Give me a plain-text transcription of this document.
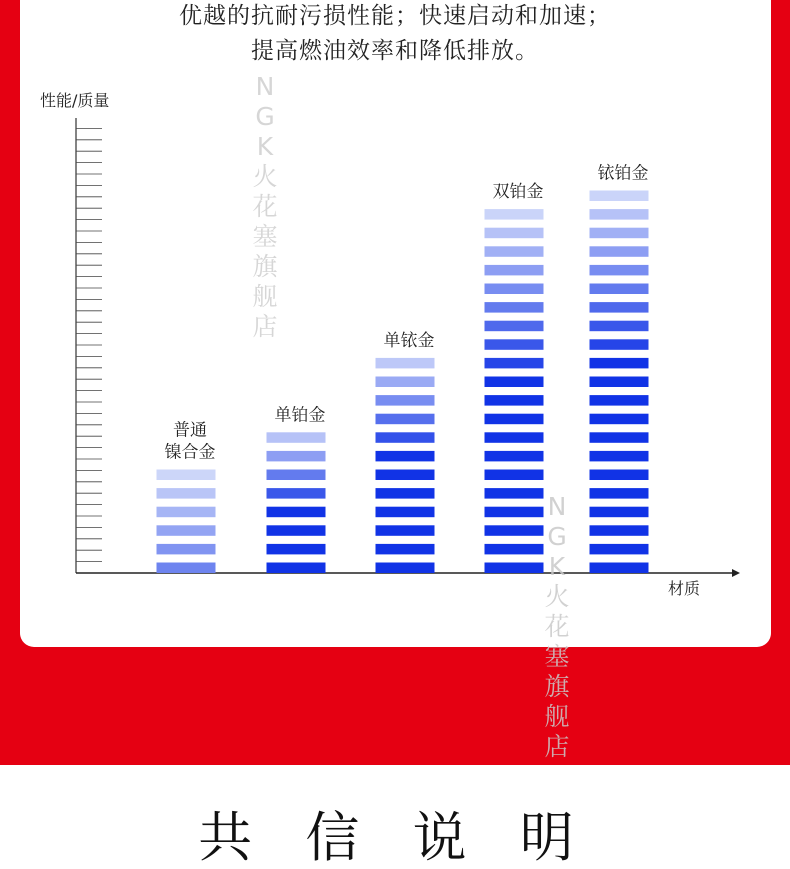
优越的抗耐污损性能；快速启动和加速；
提高燃油效率和降低排放。
性能/质量
材质
普通
镍合金
单铂金
单铱金
双铂金
铱铂金
NGK火花塞旗舰店
NGK火花塞旗舰店
共 信 说 明
